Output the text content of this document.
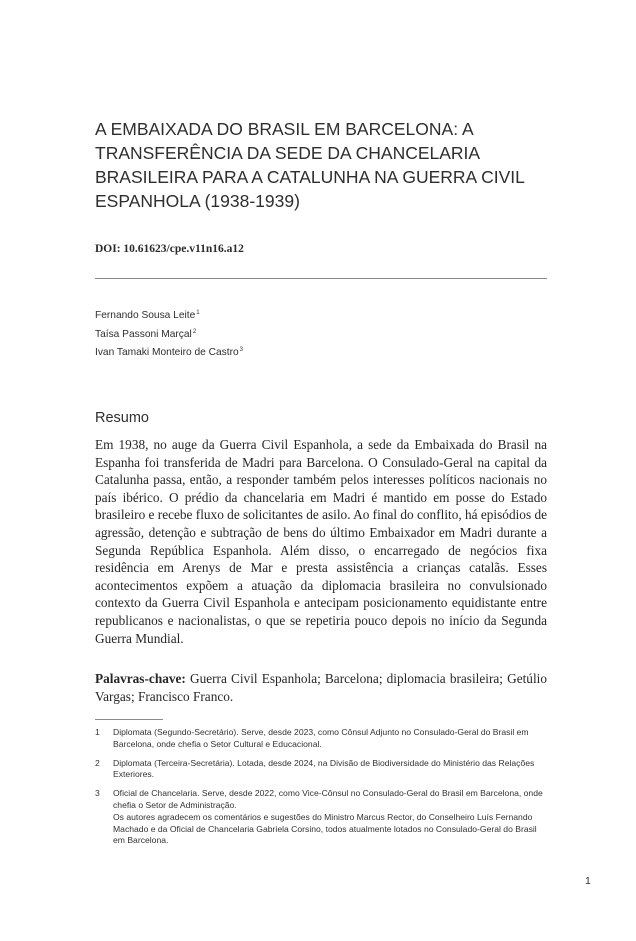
A EMBAIXADA DO BRASIL EM BARCELONA: A TRANSFERÊNCIA DA SEDE DA CHANCELARIA BRASILEIRA PARA A CATALUNHA NA GUERRA CIVIL ESPANHOLA (1938-1939)

DOI: 10.61623/cpe.v11n16.a12

Fernando Sousa Leite$^1$
Taísa Passoni Marçal$^2$
Ivan Tamaki Monteiro de Castro$^3$
Resumo

Em 1938, no auge da Guerra Civil Espanhola, a sede da Embaixada do Brasil na Espanha foi transferida de Madri para Barcelona. O Consulado-Geral na capital da Catalunha passa, então, a responder também pelos interesses políticos nacionais no país ibérico. O prédio da chancelaria em Madri é mantido em posse do Estado brasileiro e recebe fluxo de solicitantes de asilo. Ao final do conflito, há episódios de agressão, detenção e subtração de bens do último Embaixador em Madri durante a Segunda República Espanhola. Além disso, o encarregado de negócios fixa residência em Arenys de Mar e presta assistência a crianças catalãs. Esses acontecimentos expõem a atuação da diplomacia brasileira no convulsionado contexto da Guerra Civil Espanhola e antecipam posicionamento equidistante entre republicanos e nacionalistas, o que se repetiria pouco depois no início da Segunda Guerra Mundial.

Palavras-chave: Guerra Civil Espanhola; Barcelona; diplomacia brasileira; Getúlio Vargas; Francisco Franco.

1	Diplomata (Segundo-Secretário). Serve, desde 2023, como Cônsul Adjunto no Consulado-Geral do Brasil em Barcelona, onde chefia o Setor Cultural e Educacional.
2	Diplomata (Terceira-Secretária). Lotada, desde 2024, na Divisão de Biodiversidade do Ministério das Relações Exteriores.
3	Oficial de Chancelaria. Serve, desde 2022, como Vice-Cônsul no Consulado-Geral do Brasil em Barcelona, onde chefia o Setor de Administração.
Os autores agradecem os comentários e sugestões do Ministro Marcus Rector, do Conselheiro Luís Fernando Machado e da Oficial de Chancelaria Gabriela Corsino, todos atualmente lotados no Consulado-Geral do Brasil em Barcelona.

1
